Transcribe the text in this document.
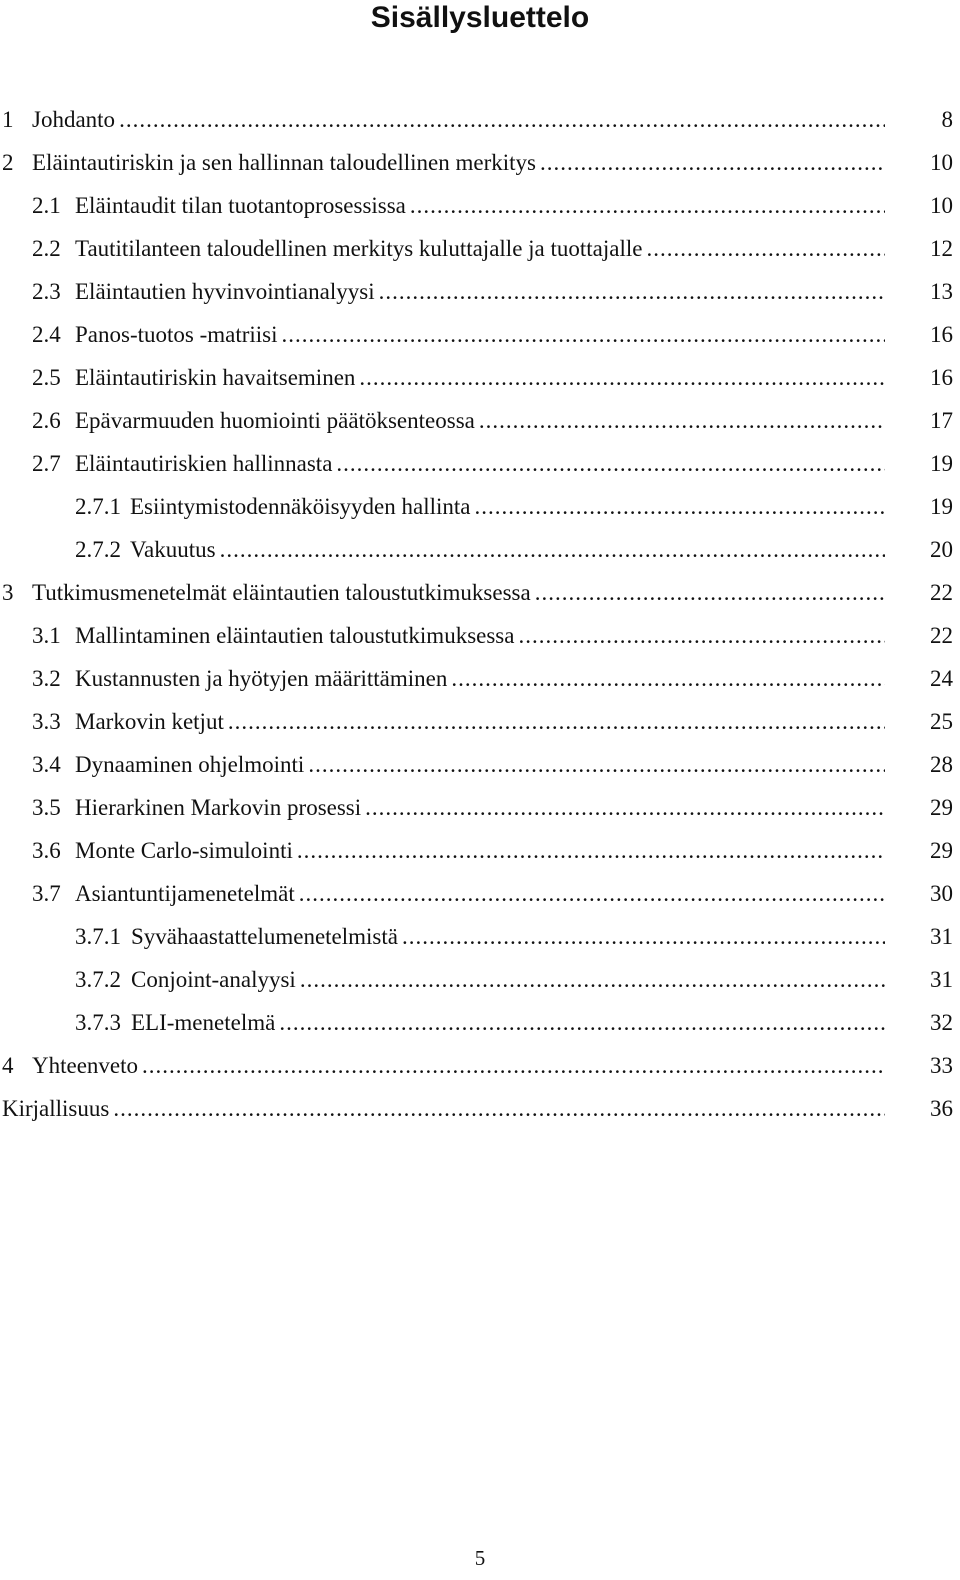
Sisällysluettelo
1 Johdanto .....	8
2 Eläintautiriskin ja sen hallinnan taloudellinen merkitys .....	10
2.1 Eläintaudit tilan tuotantoprosessissa .....	10
2.2 Tautitilanteen taloudellinen merkitys kuluttajalle ja tuottajalle .....	12
2.3 Eläintautien hyvinvointianalyysi .....	13
2.4 Panos-tuotos -matriisi .....	16
2.5 Eläintautiriskin havaitseminen .....	16
2.6 Epävarmuuden huomiointi päätöksenteossa .....	17
2.7 Eläintautiriskien hallinnasta .....	19
2.7.1 Esiintymistodennäköisyyden hallinta .....	19
2.7.2 Vakuutus .....	20
3 Tutkimusmenetelmät eläintautien taloustutkimuksessa .....	22
3.1 Mallintaminen eläintautien taloustutkimuksessa .....	22
3.2 Kustannusten ja hyötyjen määrittäminen .....	24
3.3 Markovin ketjut .....	25
3.4 Dynaaminen ohjelmointi .....	28
3.5 Hierarkinen Markovin prosessi .....	29
3.6 Monte Carlo-simulointi .....	29
3.7 Asiantuntijamenetelmät .....	30
3.7.1 Syvähaastattelumenetelmistä .....	31
3.7.2 Conjoint-analyysi .....	31
3.7.3 ELI-menetelmä .....	32
4 Yhteenveto .....	33
Kirjallisuus .....	36
5
